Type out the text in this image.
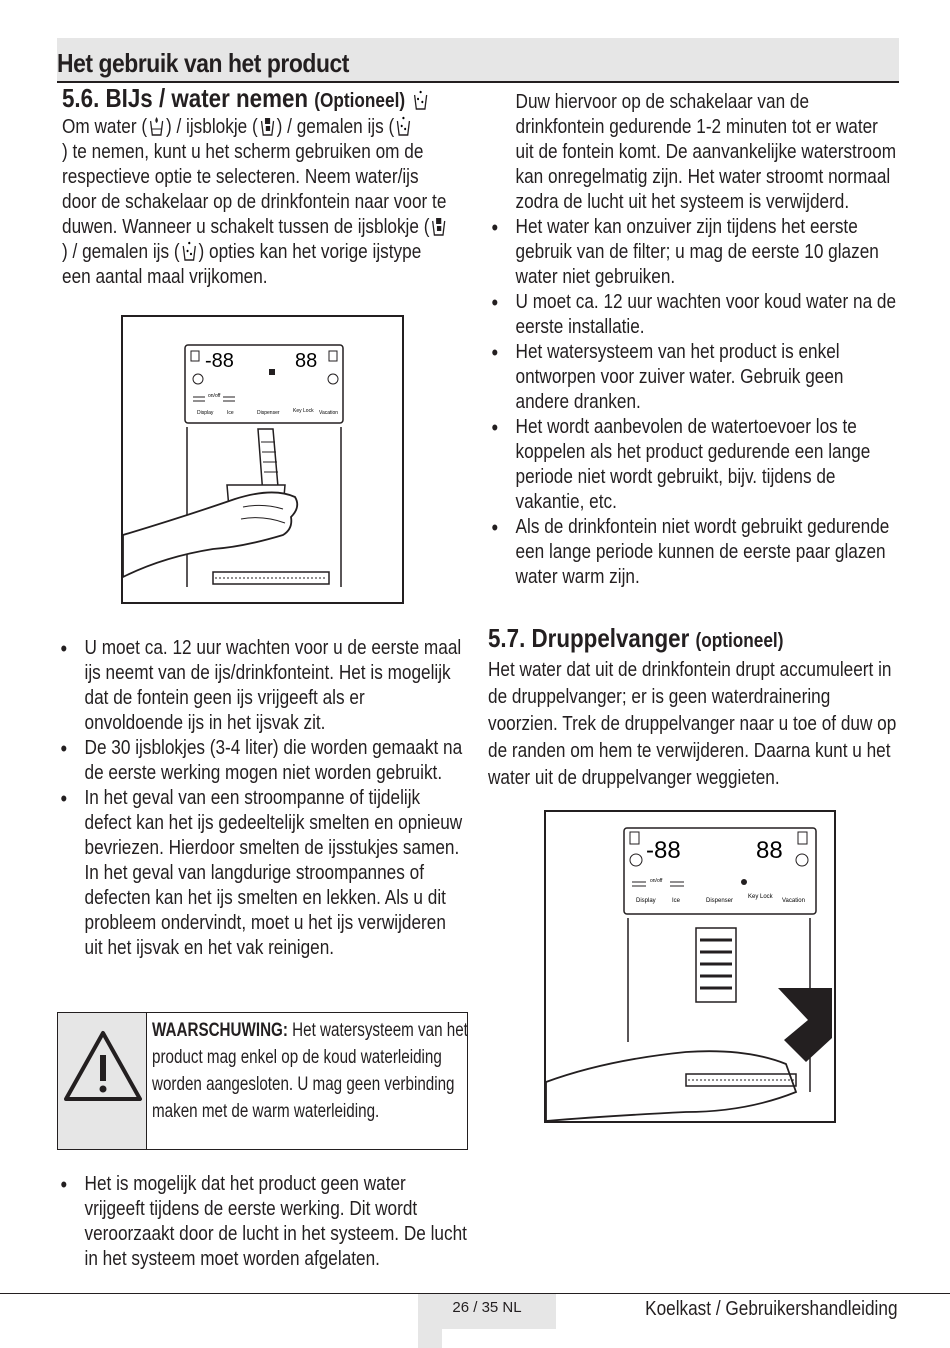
Het gebruik van het product
5.6. BIJs / water nemen (Optioneel)
Om water ( ) / ijsblokje ( ) / gemalen ijs (
) te nemen, kunt u het scherm gebruiken om de
respectieve optie te selecteren. Neem water/ijs
door de schakelaar op de drinkfontein naar voor te
duwen. Wanneer u schakelt tussen de ijsblokje (
) / gemalen ijs ( ) opties kan het vorige ijstype
een aantal maal vrijkomen.
-88	88
on/off
Display	Ice	Dispenser	Key Lock Vacation
• U moet ca. 12 uur wachten voor u de eerste maal ijs neemt van de ijs/drinkfonteint. Het is mogelijk dat de fontein geen ijs vrijgeeft als er onvoldoende ijs in het ijsvak zit.
• De 30 ijsblokjes (3-4 liter) die worden gemaakt na de eerste werking mogen niet worden gebruikt.
• In het geval van een stroompanne of tijdelijk defect kan het ijs gedeeltelijk smelten en opnieuw bevriezen. Hierdoor smelten de ijsstukjes samen. In het geval van langdurige stroompannes of defecten kan het ijs smelten en lekken. Als u dit probleem ondervindt, moet u het ijs verwijderen uit het ijsvak en het vak reinigen.
WAARSCHUWING: Het watersysteem van het product mag enkel op de koud waterleiding worden aangesloten. U mag geen verbinding maken met de warm waterleiding.
• Het is mogelijk dat het product geen water vrijgeeft tijdens de eerste werking. Dit wordt veroorzaakt door de lucht in het systeem. De lucht in het systeem moet worden afgelaten.
Duw hiervoor op de schakelaar van de drinkfontein gedurende 1-2 minuten tot er water uit de fontein komt. De aanvankelijke waterstroom kan onregelmatig zijn. Het water stroomt normaal zodra de lucht uit het systeem is verwijderd.
• Het water kan onzuiver zijn tijdens het eerste gebruik van de filter; u mag de eerste 10 glazen water niet gebruiken.
• U moet ca. 12 uur wachten voor koud water na de eerste installatie.
• Het watersysteem van het product is enkel ontworpen voor zuiver water. Gebruik geen andere dranken.
• Het wordt aanbevolen de watertoevoer los te koppelen als het product gedurende een lange periode niet wordt gebruikt, bijv. tijdens de vakantie, etc.
• Als de drinkfontein niet wordt gebruikt gedurende een lange periode kunnen de eerste paar glazen water warm zijn.
5.7. Druppelvanger (optioneel)
Het water dat uit de drinkfontein drupt accumuleert in de druppelvanger; er is geen waterdrainering voorzien. Trek de druppelvanger naar u toe of duw op de randen om hem te verwijderen. Daarna kunt u het water uit de druppelvanger weggieten.
-88	88
on/off
Display	Ice	Dispenser
Key Lock
Vacation
26 / 35 NL	Koelkast / Gebruikershandleiding
